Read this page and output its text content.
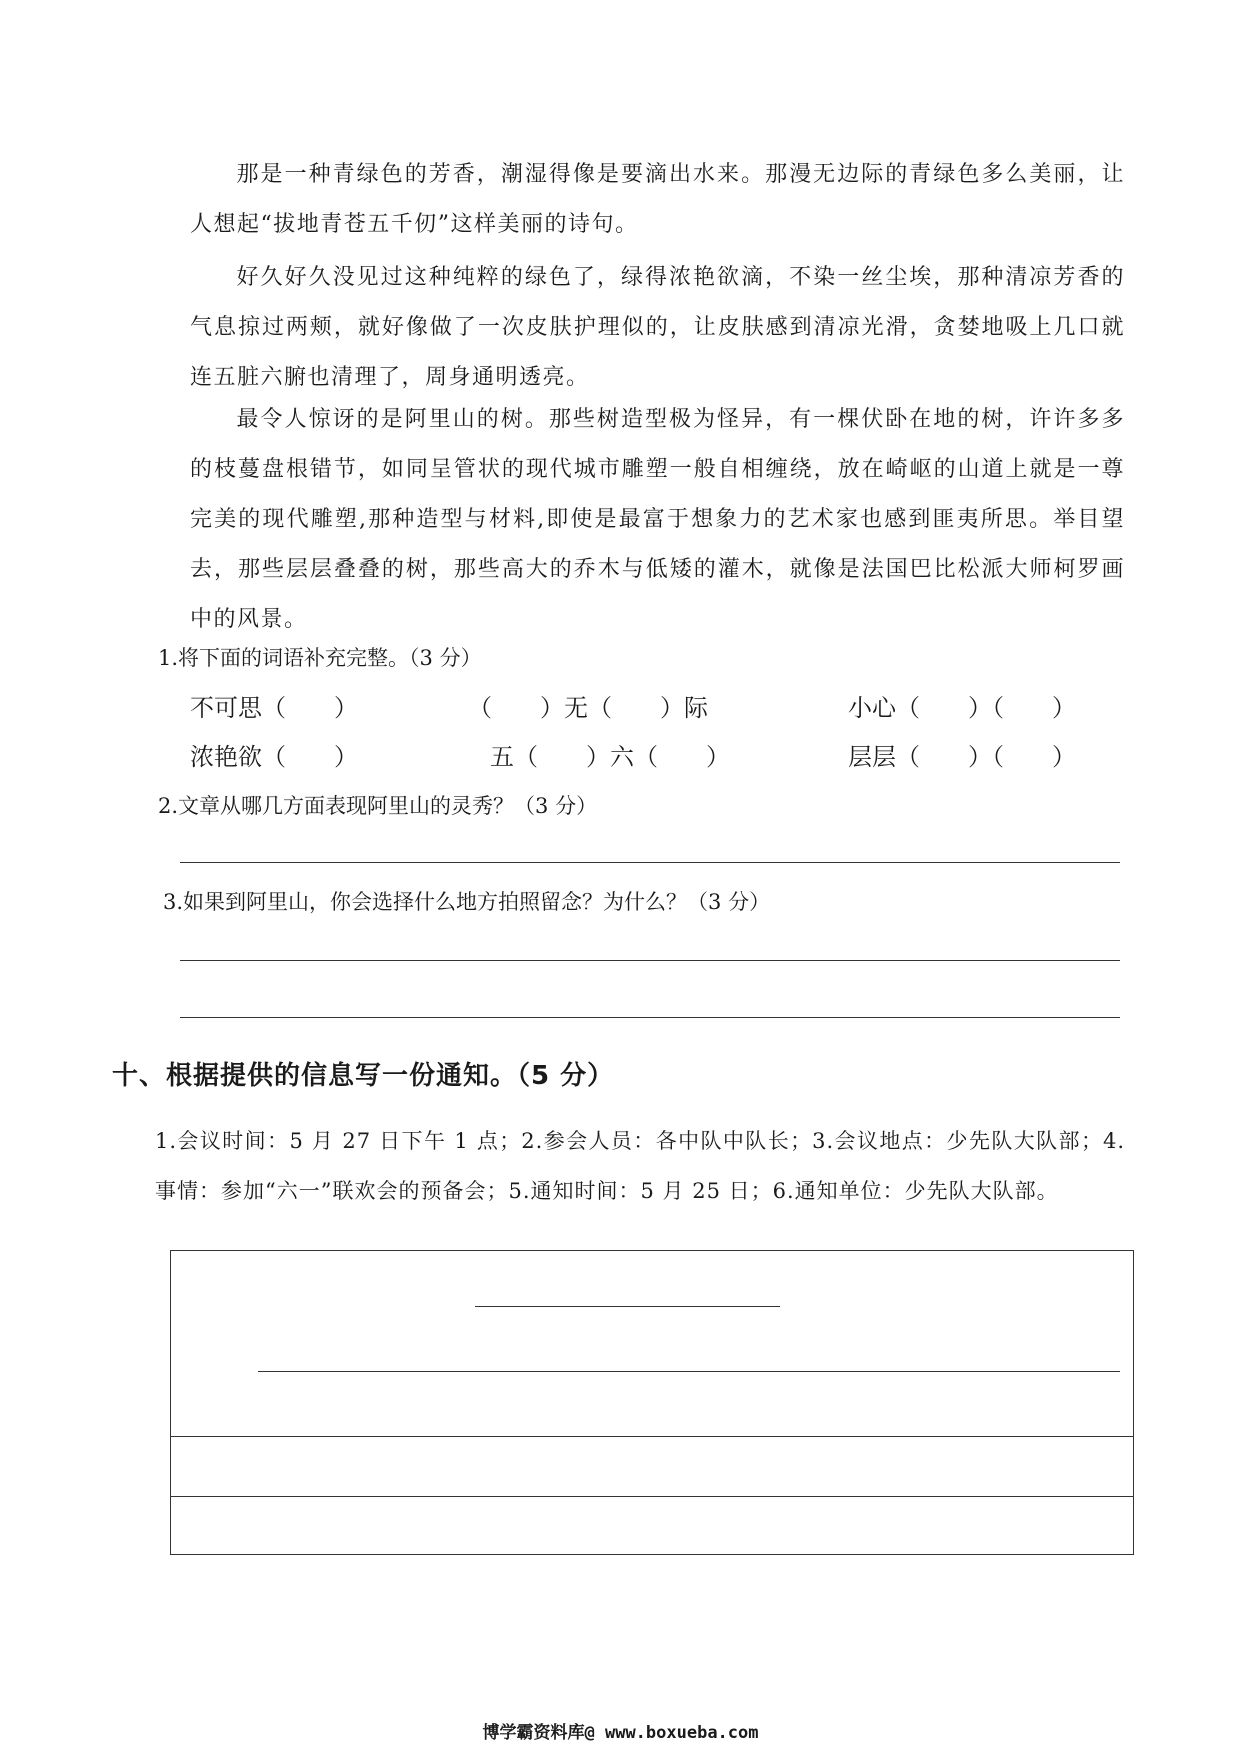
那是一种青绿色的芳香，潮湿得像是要滴出水来。那漫无边际的青绿色多么美丽，让人想起“拔地青苍五千仞”这样美丽的诗句。

好久好久没见过这种纯粹的绿色了，绿得浓艳欲滴，不染一丝尘埃，那种清凉芳香的气息掠过两颊，就好像做了一次皮肤护理似的，让皮肤感到清凉光滑，贪婪地吸上几口就连五脏六腑也清理了，周身通明透亮。

最令人惊讶的是阿里山的树。那些树造型极为怪异，有一棵伏卧在地的树，许许多多的枝蔓盘根错节，如同呈管状的现代城市雕塑一般自相缠绕，放在崎岖的山道上就是一尊完美的现代雕塑,那种造型与材料,即使是最富于想象力的艺术家也感到匪夷所思。举目望去，那些层层叠叠的树，那些高大的乔木与低矮的灌木，就像是法国巴比松派大师柯罗画中的风景。

1.将下面的词语补充完整。（3 分）
不可思（　　）	（　　）无（　　）际	小心（　　）（　　）
浓艳欲（　　）	五（　　）六（　　）	层层（　　）（　　）
2.文章从哪几方面表现阿里山的灵秀？（3 分）
3.如果到阿里山，你会选择什么地方拍照留念？为什么？（3 分）
十、根据提供的信息写一份通知。（5 分）

1.会议时间：5 月 27 日下午 1 点；2.参会人员：各中队中队长；3.会议地点：少先队大队部；4.事情：参加“六一”联欢会的预备会；5.通知时间：5 月 25 日；6.通知单位：少先队大队部。

博学霸资料库@ www.boxueba.com
